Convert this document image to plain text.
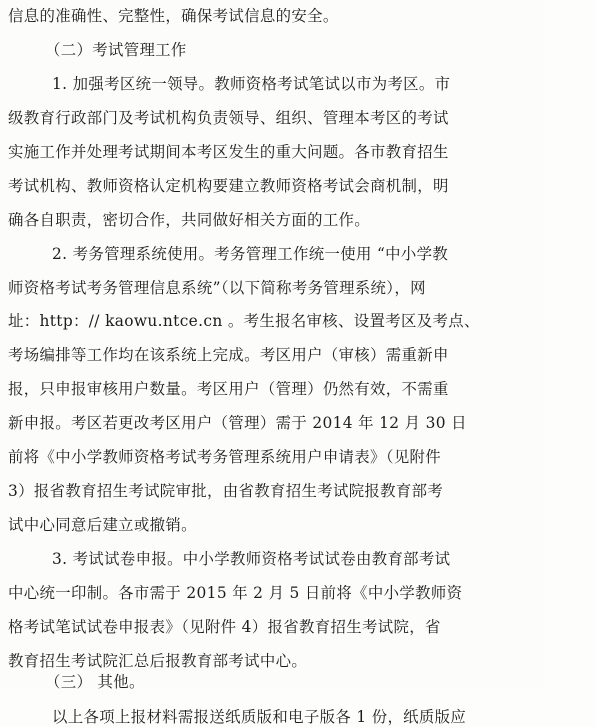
信息的准确性、完整性，确保考试信息的安全。
（二）考试管理工作
1. 加强考区统一领导。教师资格考试笔试以市为考区。市
级教育行政部门及考试机构负责领导、组织、管理本考区的考试
实施工作并处理考试期间本考区发生的重大问题。各市教育招生
考试机构、教师资格认定机构要建立教师资格考试会商机制，明
确各自职责，密切合作，共同做好相关方面的工作。
2. 考务管理系统使用。考务管理工作统一使用 “中小学教
师资格考试考务管理信息系统”（以下简称考务管理系统），网
址：http：// kaowu.ntce.cn 。考生报名审核、设置考区及考点、
考场编排等工作均在该系统上完成。考区用户（审核）需重新申
报，只申报审核用户数量。考区用户（管理）仍然有效，不需重
新申报。考区若更改考区用户（管理）需于 2014 年 12 月 30 日
前将《中小学教师资格考试考务管理系统用户申请表》（见附件
3）报省教育招生考试院审批，由省教育招生考试院报教育部考
试中心同意后建立或撤销。
3. 考试试卷申报。中小学教师资格考试试卷由教育部考试
中心统一印制。各市需于 2015 年 2 月 5 日前将《中小学教师资
格考试笔试试卷申报表》（见附件 4）报省教育招生考试院，省
教育招生考试院汇总后报教育部考试中心。
（三） 其他。
以上各项上报材料需报送纸质版和电子版各 1 份，纸质版应
